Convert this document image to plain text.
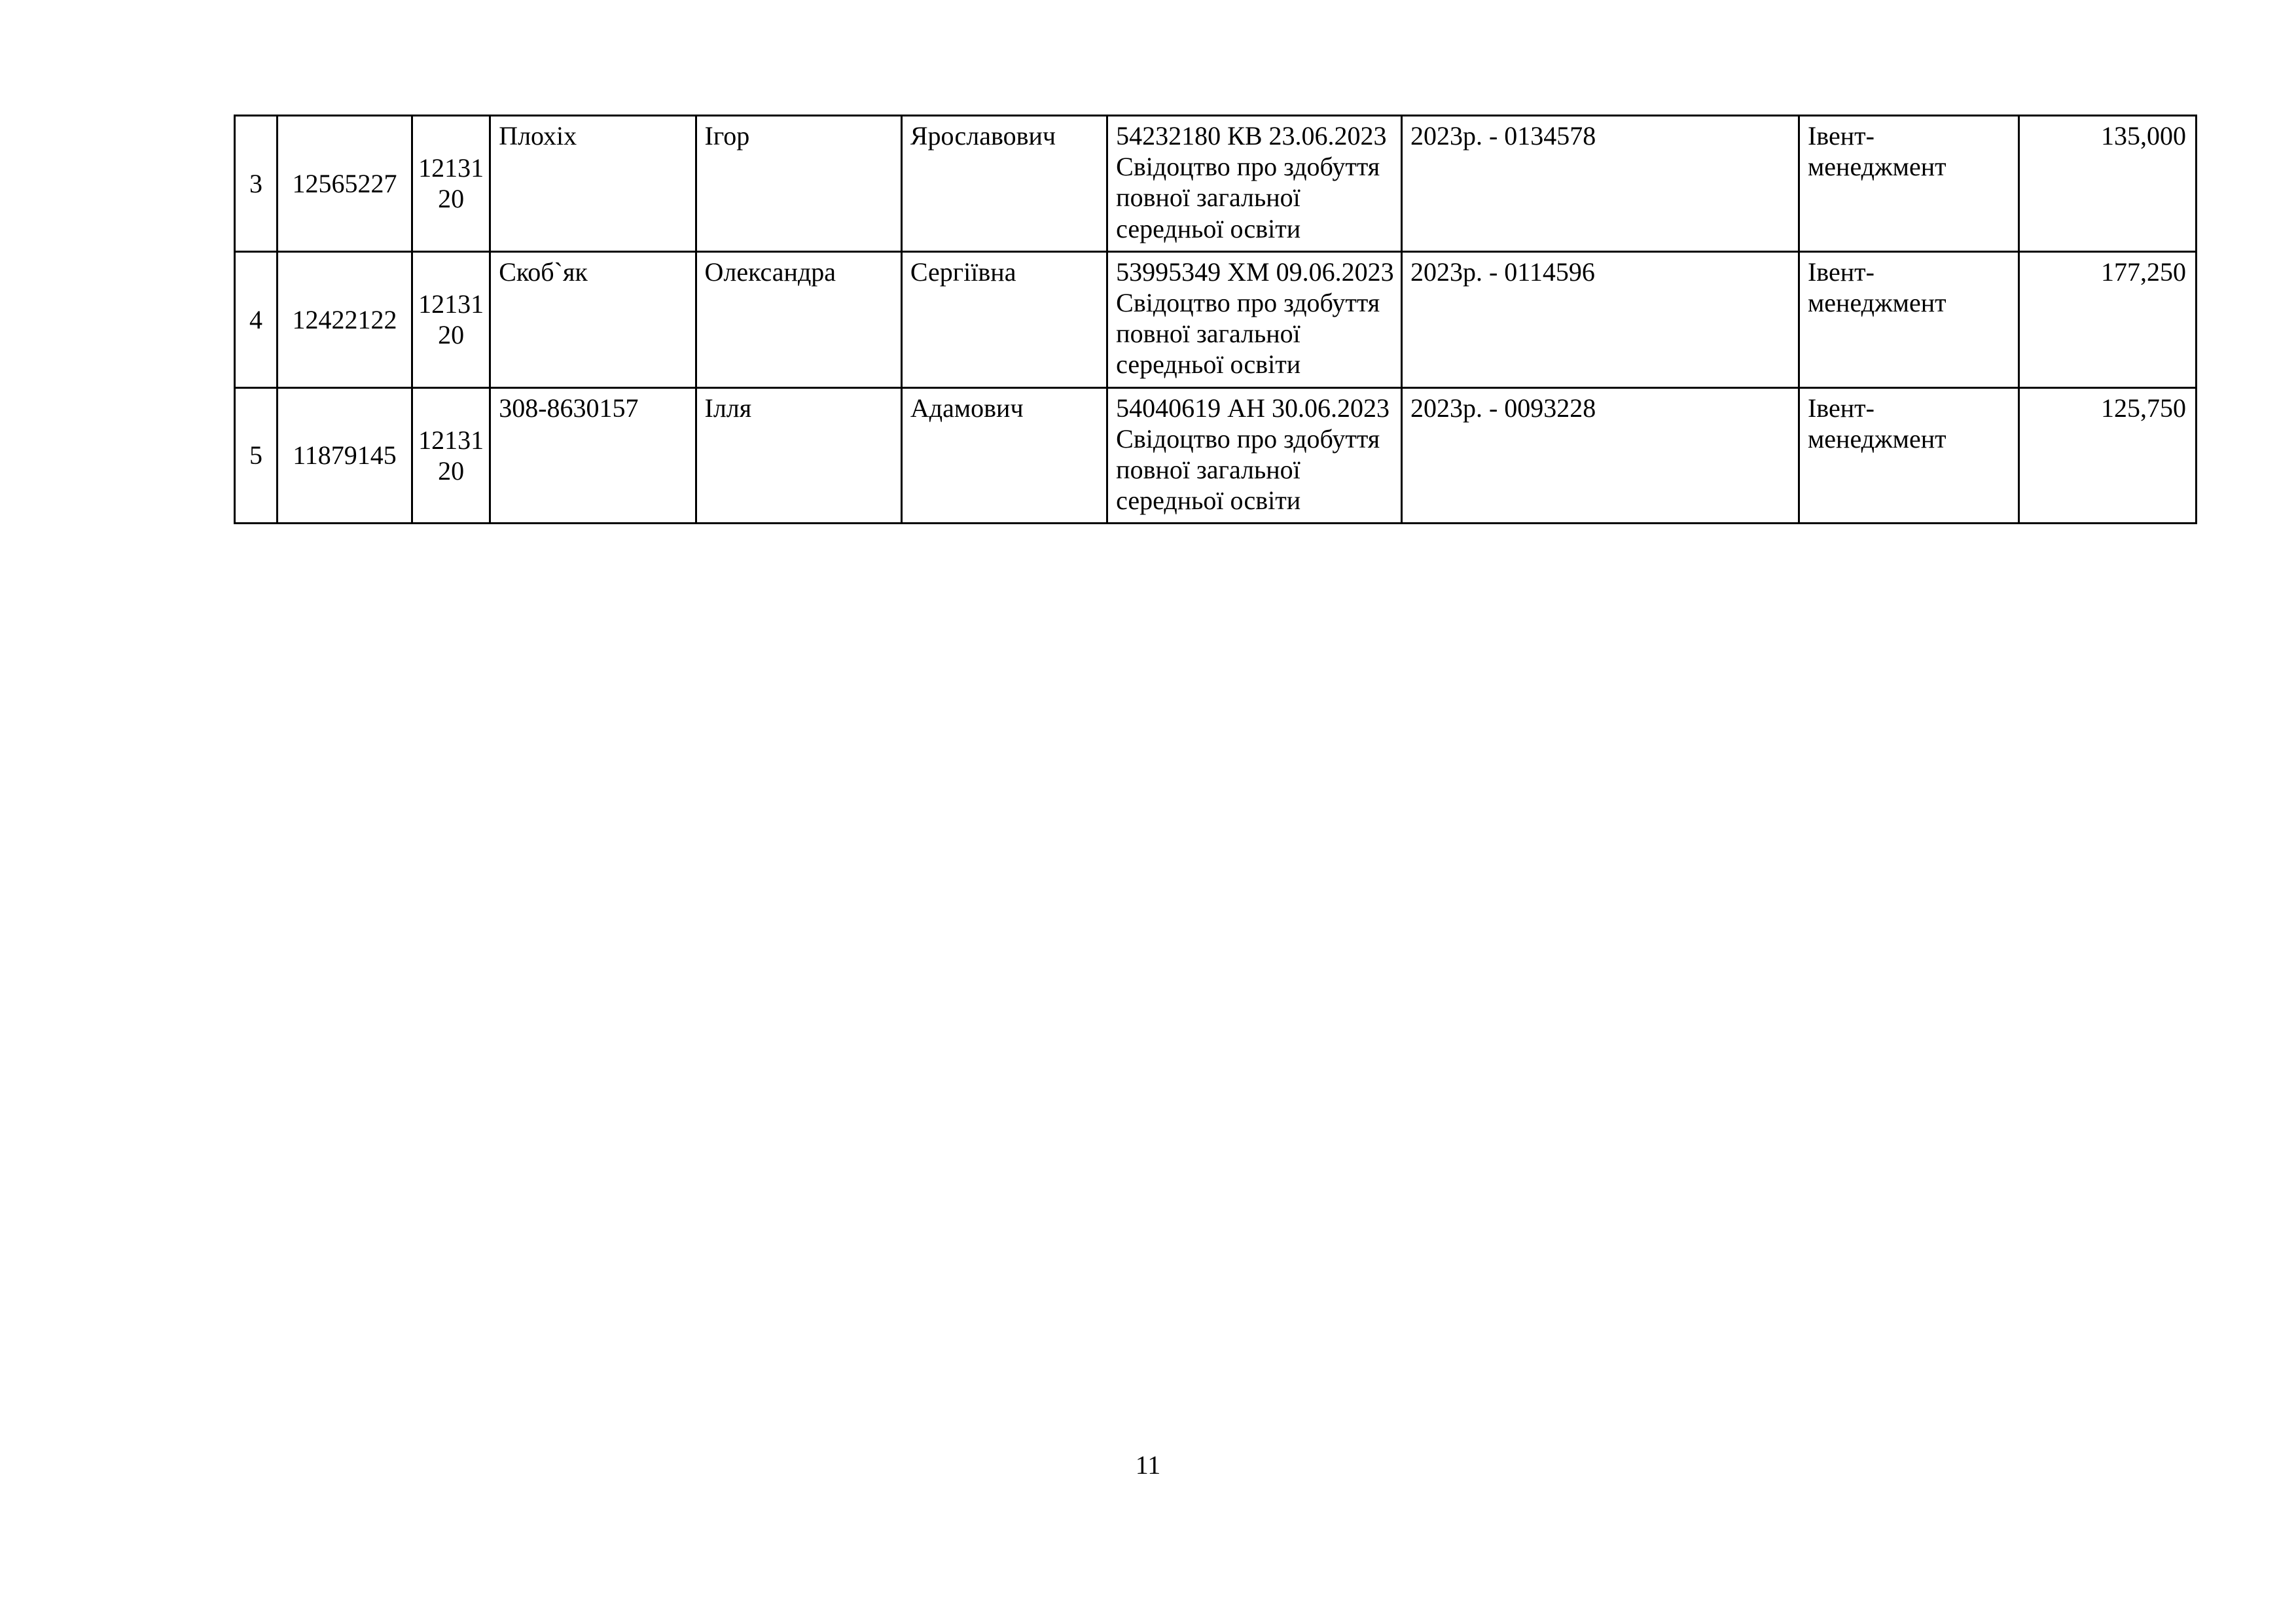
3	12565227	1213120	Плохіх	Ігор	Ярославович	54232180 КВ 23.06.2023 Свідоцтво про здобуття повної загальної середньої освіти	2023р. - 0134578	Івент-менеджмент	135,000
4	12422122	1213120	Скоб`як	Олександра	Сергіївна	53995349 ХМ 09.06.2023 Свідоцтво про здобуття повної загальної середньої освіти	2023р. - 0114596	Івент-менеджмент	177,250
5	11879145	1213120	308-8630157	Ілля	Адамович	54040619 АН 30.06.2023 Свідоцтво про здобуття повної загальної середньої освіти	2023р. - 0093228	Івент-менеджмент	125,750
11
